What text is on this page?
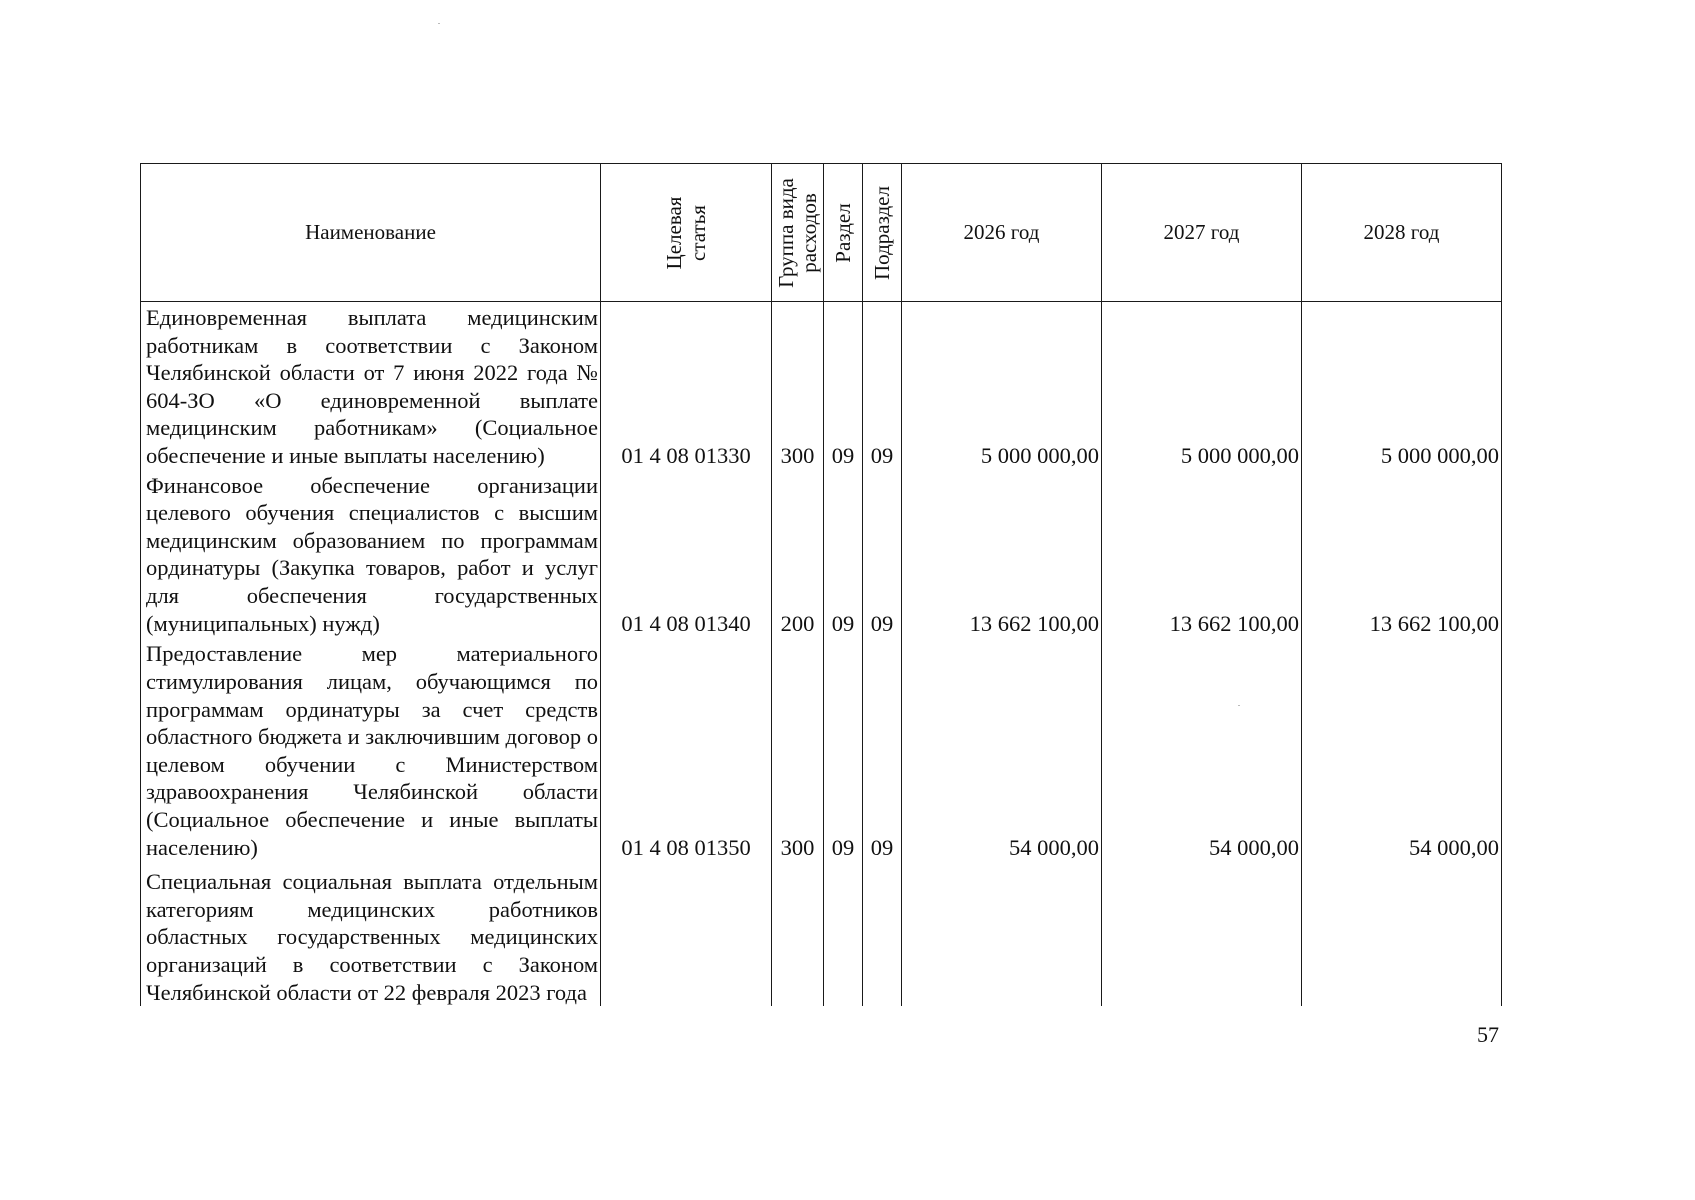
Наименование	Целевая статья	Группа вида расходов	Раздел	Подраздел	2026 год	2027 год	2028 год
Единовременная выплата медицинским работникам в соответствии с Законом Челябинской области от 7 июня 2022 года № 604-ЗО «О единовременной выплате медицинским работникам» (Социальное обеспечение и иные выплаты населению)	01 4 08 01330	300	09	09	5 000 000,00	5 000 000,00	5 000 000,00
Финансовое обеспечение организации целевого обучения специалистов с высшим медицинским образованием по программам ординатуры (Закупка товаров, работ и услуг для обеспечения государственных (муниципальных) нужд)	01 4 08 01340	200	09	09	13 662 100,00	13 662 100,00	13 662 100,00
Предоставление мер материального стимулирования лицам, обучающимся по программам ординатуры за счет средств областного бюджета и заключившим договор о целевом обучении с Министерством здравоохранения Челябинской области (Социальное обеспечение и иные выплаты населению)	01 4 08 01350	300	09	09	54 000,00	54 000,00	54 000,00
Специальная социальная выплата отдельным категориям медицинских работников областных государственных медицинских организаций в соответствии с Законом Челябинской области от 22 февраля 2023 года							
57
